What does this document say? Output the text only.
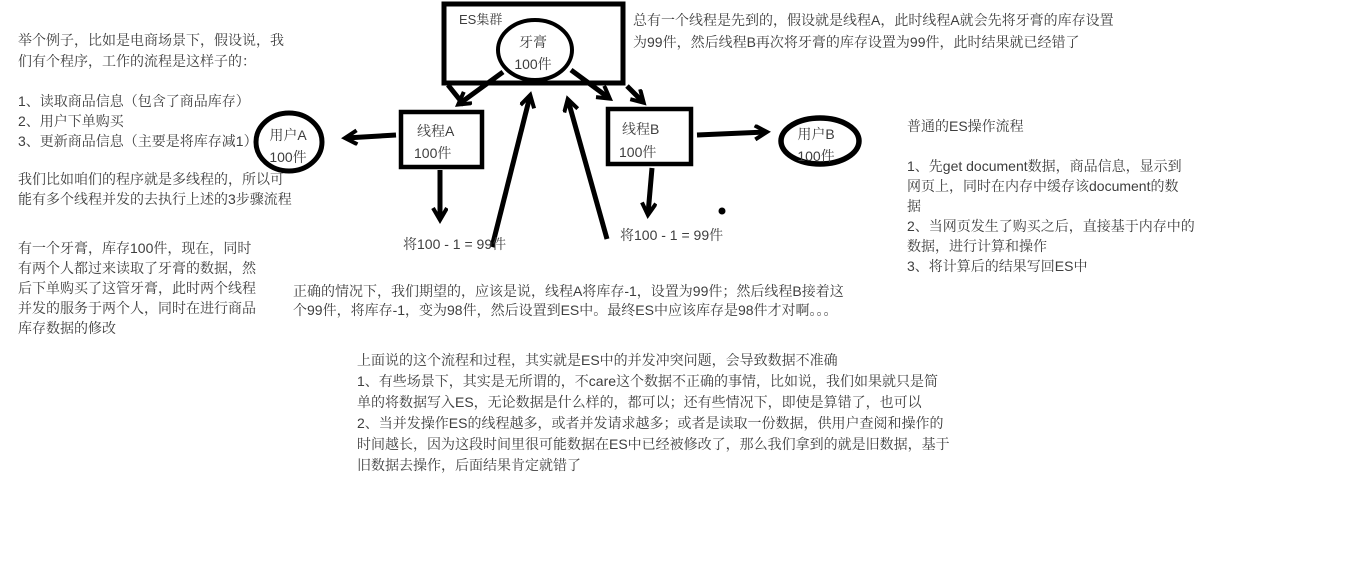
举个例子，比如是电商场景下，假设说，我
们有个程序，工作的流程是这样子的：
1、读取商品信息（包含了商品库存）
2、用户下单购买
3、更新商品信息（主要是将库存减1）
我们比如咱们的程序就是多线程的，所以可
能有多个线程并发的去执行上述的3步骤流程
有一个牙膏，库存100件，现在，同时
有两个人都过来读取了牙膏的数据，然
后下单购买了这管牙膏，此时两个线程
并发的服务于两个人，同时在进行商品
库存数据的修改
总有一个线程是先到的，假设就是线程A，此时线程A就会先将牙膏的库存设置
为99件，然后线程B再次将牙膏的库存设置为99件，此时结果就已经错了
普通的ES操作流程
1、先get document数据，商品信息，显示到
网页上，同时在内存中缓存该document的数
据
2、当网页发生了购买之后，直接基于内存中的
数据，进行计算和操作
3、将计算后的结果写回ES中
正确的情况下，我们期望的，应该是说，线程A将库存-1，设置为99件；然后线程B接着这
个99件，将库存-1，变为98件，然后设置到ES中。最终ES中应该库存是98件才对啊。。。
上面说的这个流程和过程，其实就是ES中的并发冲突问题，会导致数据不准确
1、有些场景下，其实是无所谓的，不care这个数据不正确的事情，比如说，我们如果就只是简
单的将数据写入ES，无论数据是什么样的，都可以；还有些情况下，即使是算错了，也可以
2、当并发操作ES的线程越多，或者并发请求越多；或者是读取一份数据，供用户查阅和操作的
时间越长，因为这段时间里很可能数据在ES中已经被修改了，那么我们拿到的就是旧数据，基于
旧数据去操作，后面结果肯定就错了
ES集群
牙膏
100件
线程A
100件
线程B
100件
用户A
100件
用户B
100件
将100 - 1 = 99件
将100 - 1 = 99件
